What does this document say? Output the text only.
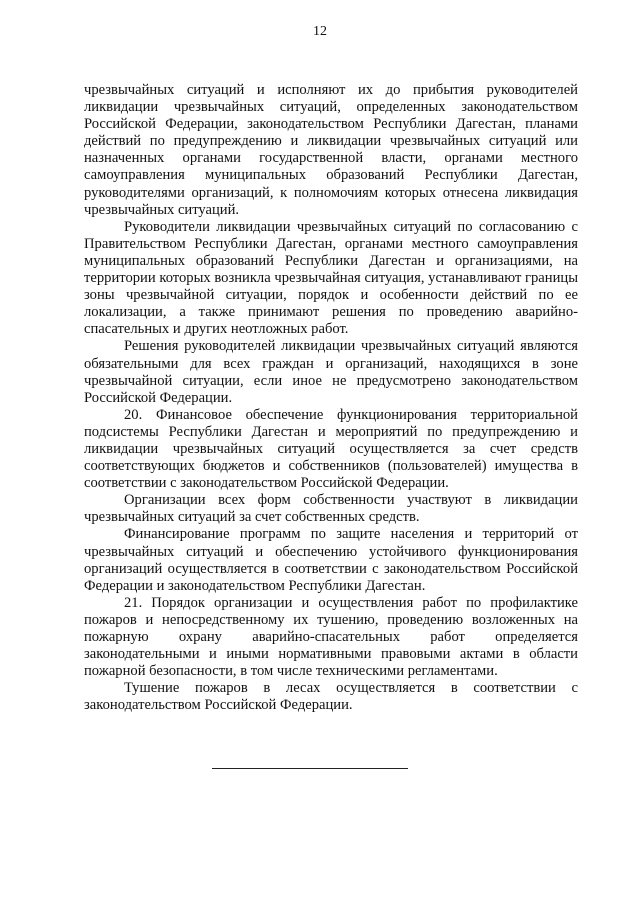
12

чрезвычайных ситуаций и исполняют их до прибытия руководителей ликвидации чрезвычайных ситуаций, определенных законодательством Российской Федерации, законодательством Республики Дагестан, планами действий по предупреждению и ликвидации чрезвычайных ситуаций или назначенных органами государственной власти, органами местного самоуправления муниципальных образований Республики Дагестан, руководителями организаций, к полномочиям которых отнесена ликвидация чрезвычайных ситуаций.

Руководители ликвидации чрезвычайных ситуаций по согласованию с Правительством Республики Дагестан, органами местного самоуправления муниципальных образований Республики Дагестан и организациями, на территории которых возникла чрезвычайная ситуация, устанавливают границы зоны чрезвычайной ситуации, порядок и особенности действий по ее локализации, а также принимают решения по проведению аварийно-спасательных и других неотложных работ.

Решения руководителей ликвидации чрезвычайных ситуаций являются обязательными для всех граждан и организаций, находящихся в зоне чрезвычайной ситуации, если иное не предусмотрено законодательством Российской Федерации.

20. Финансовое обеспечение функционирования территориальной подсистемы Республики Дагестан и мероприятий по предупреждению и ликвидации чрезвычайных ситуаций осуществляется за счет средств соответствующих бюджетов и собственников (пользователей) имущества в соответствии с законодательством Российской Федерации.

Организации всех форм собственности участвуют в ликвидации чрезвычайных ситуаций за счет собственных средств.

Финансирование программ по защите населения и территорий от чрезвычайных ситуаций и обеспечению устойчивого функционирования организаций осуществляется в соответствии с законодательством Российской Федерации и законодательством Республики Дагестан.

21. Порядок организации и осуществления работ по профилактике пожаров и непосредственному их тушению, проведению возложенных на пожарную охрану аварийно-спасательных работ определяется законодательными и иными нормативными правовыми актами в области пожарной безопасности, в том числе техническими регламентами.

Тушение пожаров в лесах осуществляется в соответствии с законодательством Российской Федерации.
